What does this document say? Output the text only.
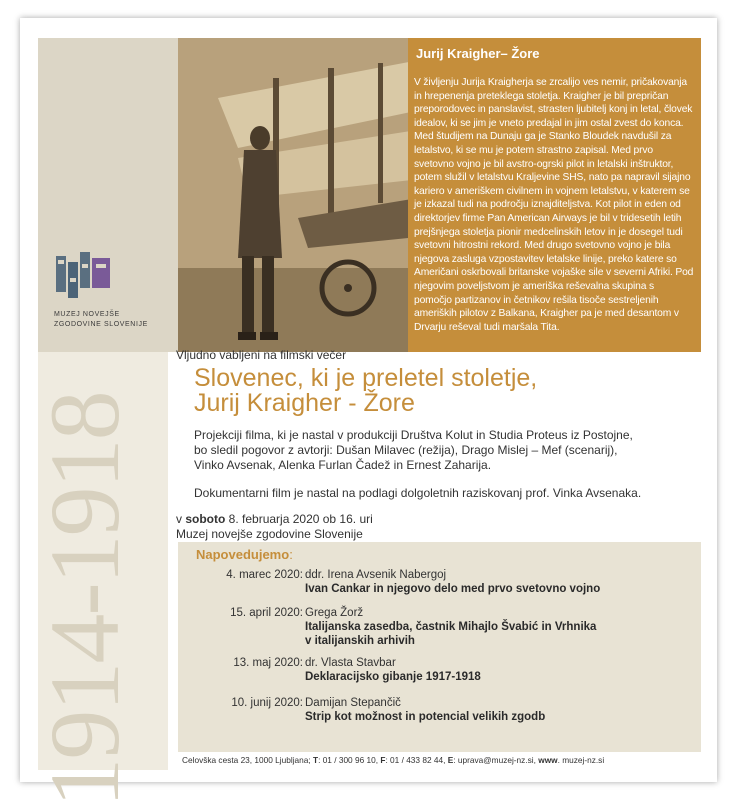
MUZEJ NOVEJŠE
ZGODOVINE SLOVENIJE
Jurij Kraigher– Žore
V življenju Jurija Kraigherja se zrcalijo ves nemir, pričakovanja in hrepenenja preteklega stoletja. Kraigher je bil prepričan preporodovec in panslavist, strasten ljubitelj konj in letal, človek idealov, ki se jim je vneto predajal in jim ostal zvest do konca. Med študijem na Dunaju ga je Stanko Bloudek navdušil za letalstvo, ki se mu je potem strastno zapisal. Med prvo svetovno vojno je bil avstro-ogrski pilot in letalski inštruktor, potem služil v letalstvu Kraljevine SHS, nato pa napravil sijajno kariero v ameriškem civilnem in vojnem letalstvu, v katerem se je izkazal tudi na področju iznajditeljstva. Kot pilot in eden od direktorjev firme Pan American Airways je bil v tridesetih letih prejšnjega stoletja pionir medcelinskih letov in je dosegel tudi svetovni hitrostni rekord. Med drugo svetovno vojno je bila njegova zasluga vzpostavitev letalske linije, preko katere so Američani oskrbovali britanske vojaške sile v severni Afriki. Pod njegovim poveljstvom je ameriška reševalna skupina s pomočjo partizanov in četnikov rešila tisoče sestreljenih ameriških pilotov z Balkana, Kraigher pa je med desantom v Drvarju reševal tudi maršala Tita.
1914-1918
Vljudno vabljeni na filmski večer
Slovenec, ki je preletel stoletje,
Jurij Kraigher - Žore
Projekciji filma, ki je nastal v produkciji Društva Kolut in Studia Proteus iz Postojne,
bo sledil pogovor z avtorji: Dušan Milavec (režija), Drago Mislej – Mef (scenarij),
Vinko Avsenak, Alenka Furlan Čadež in Ernest Zaharija.
Dokumentarni film je nastal na podlagi dolgoletnih raziskovanj prof. Vinka Avsenaka.
v soboto 8. februarja 2020 ob 16. uri
Muzej novejše zgodovine Slovenije
Napovedujemo:
4. marec 2020: ddr. Irena Avsenik Nabergoj
Ivan Cankar in njegovo delo med prvo svetovno vojno
15. april 2020: Grega Žorž
Italijanska zasedba, častnik Mihajlo Švabić in Vrhnika v italijanskih arhivih
13. maj 2020: dr. Vlasta Stavbar
Deklaracijsko gibanje 1917-1918
10. junij 2020: Damijan Stepančič
Strip kot možnost in potencial velikih zgodb
Celovška cesta 23, 1000 Ljubljana; T: 01 / 300 96 10, F: 01 / 433 82 44, E: uprava@muzej-nz.si, www. muzej-nz.si
